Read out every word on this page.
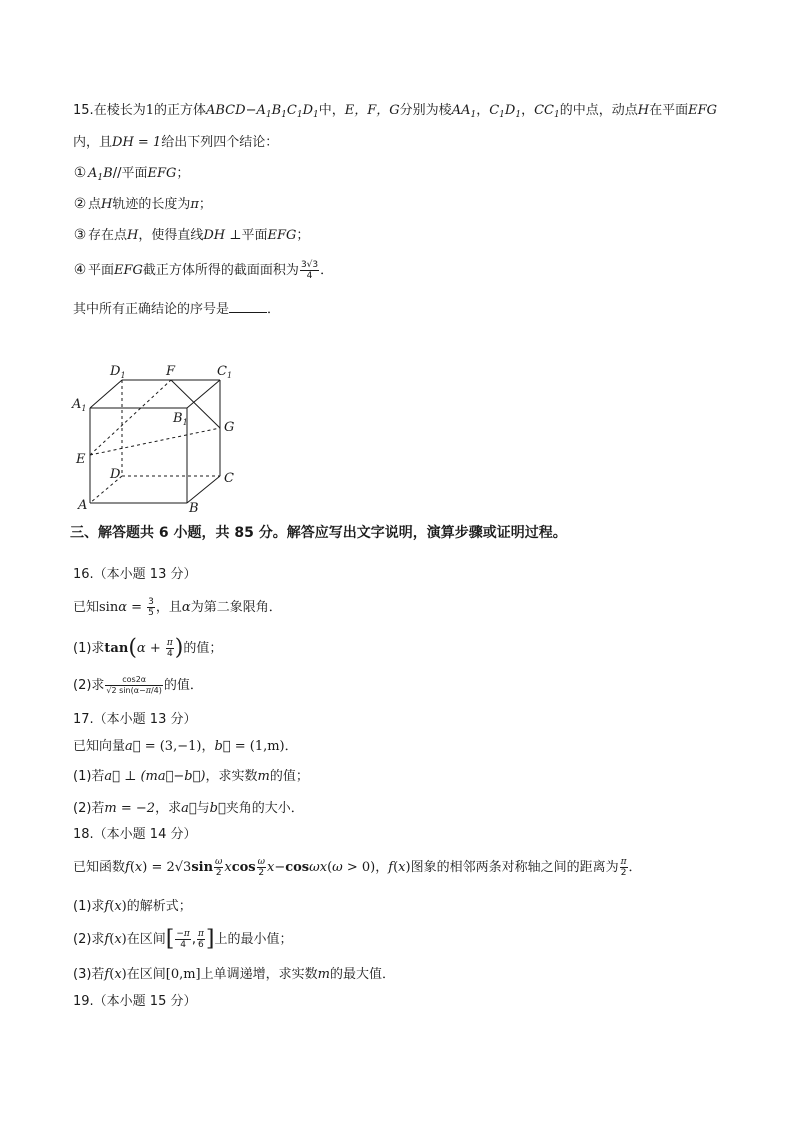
15.在棱长为1的正方体$ABCD-A_1B_1C_1D_1$中，E，F，G分别为棱$AA_1$，$C_1D_1$，$CC_1$的中点，动点H在平面EFG
内，且DH = 1给出下列四个结论：
① $A_1B//$平面EFG；
② 点H轨迹的长度为π；
③ 存在点H，使得直线DH ⊥平面EFG；
④ 平面EFG截正方体所得的截面面积为 $\frac{3√3}{4}$ ．
其中所有正确结论的序号是	．
$D_1$	F	$C_1$
$A_1$
$B_1$	G
E
D	C
A	B
三、解答题共 6 小题，共 85 分。解答应写出文字说明，演算步骤或证明过程。
16.（本小题 13 分）
已知$\sin\alpha = \frac{3}{5}$ ，且α为第二象限角．
(1)求$\tan(\alpha + \frac{\pi}{4}$ )的值；
(2)求 $\frac{\cos 2\alpha}{√2 \sin(\alpha-\pi/4)}$ 的值．
17.（本小题 13 分）
已知向量a⃗ = (3,−1)，b⃗ = (1,m)．
(1)若a⃗ ⊥ (ma⃗−b⃗)，求实数m的值；
(2)若m = −2，求a⃗与b⃗夹角的大小．
18.（本小题 14 分）
已知函数$f(x) = 2√3\sin \frac{\omega}{2}$ xcos $\frac{\omega}{2} x-\cos\omega x(\omega > 0)$，f(x)图象的相邻两条对称轴之间的距离为 $\frac{\pi}{2}$ ．
(1)求f(x)的解析式；
(2)求f(x)在区间[ $\frac{-\pi}{4}$ , $\frac{\pi}{6}$ ]上的最小值；
(3)若f(x)在区间[0,m]上单调递增，求实数m的最大值．
19.（本小题 15 分）
